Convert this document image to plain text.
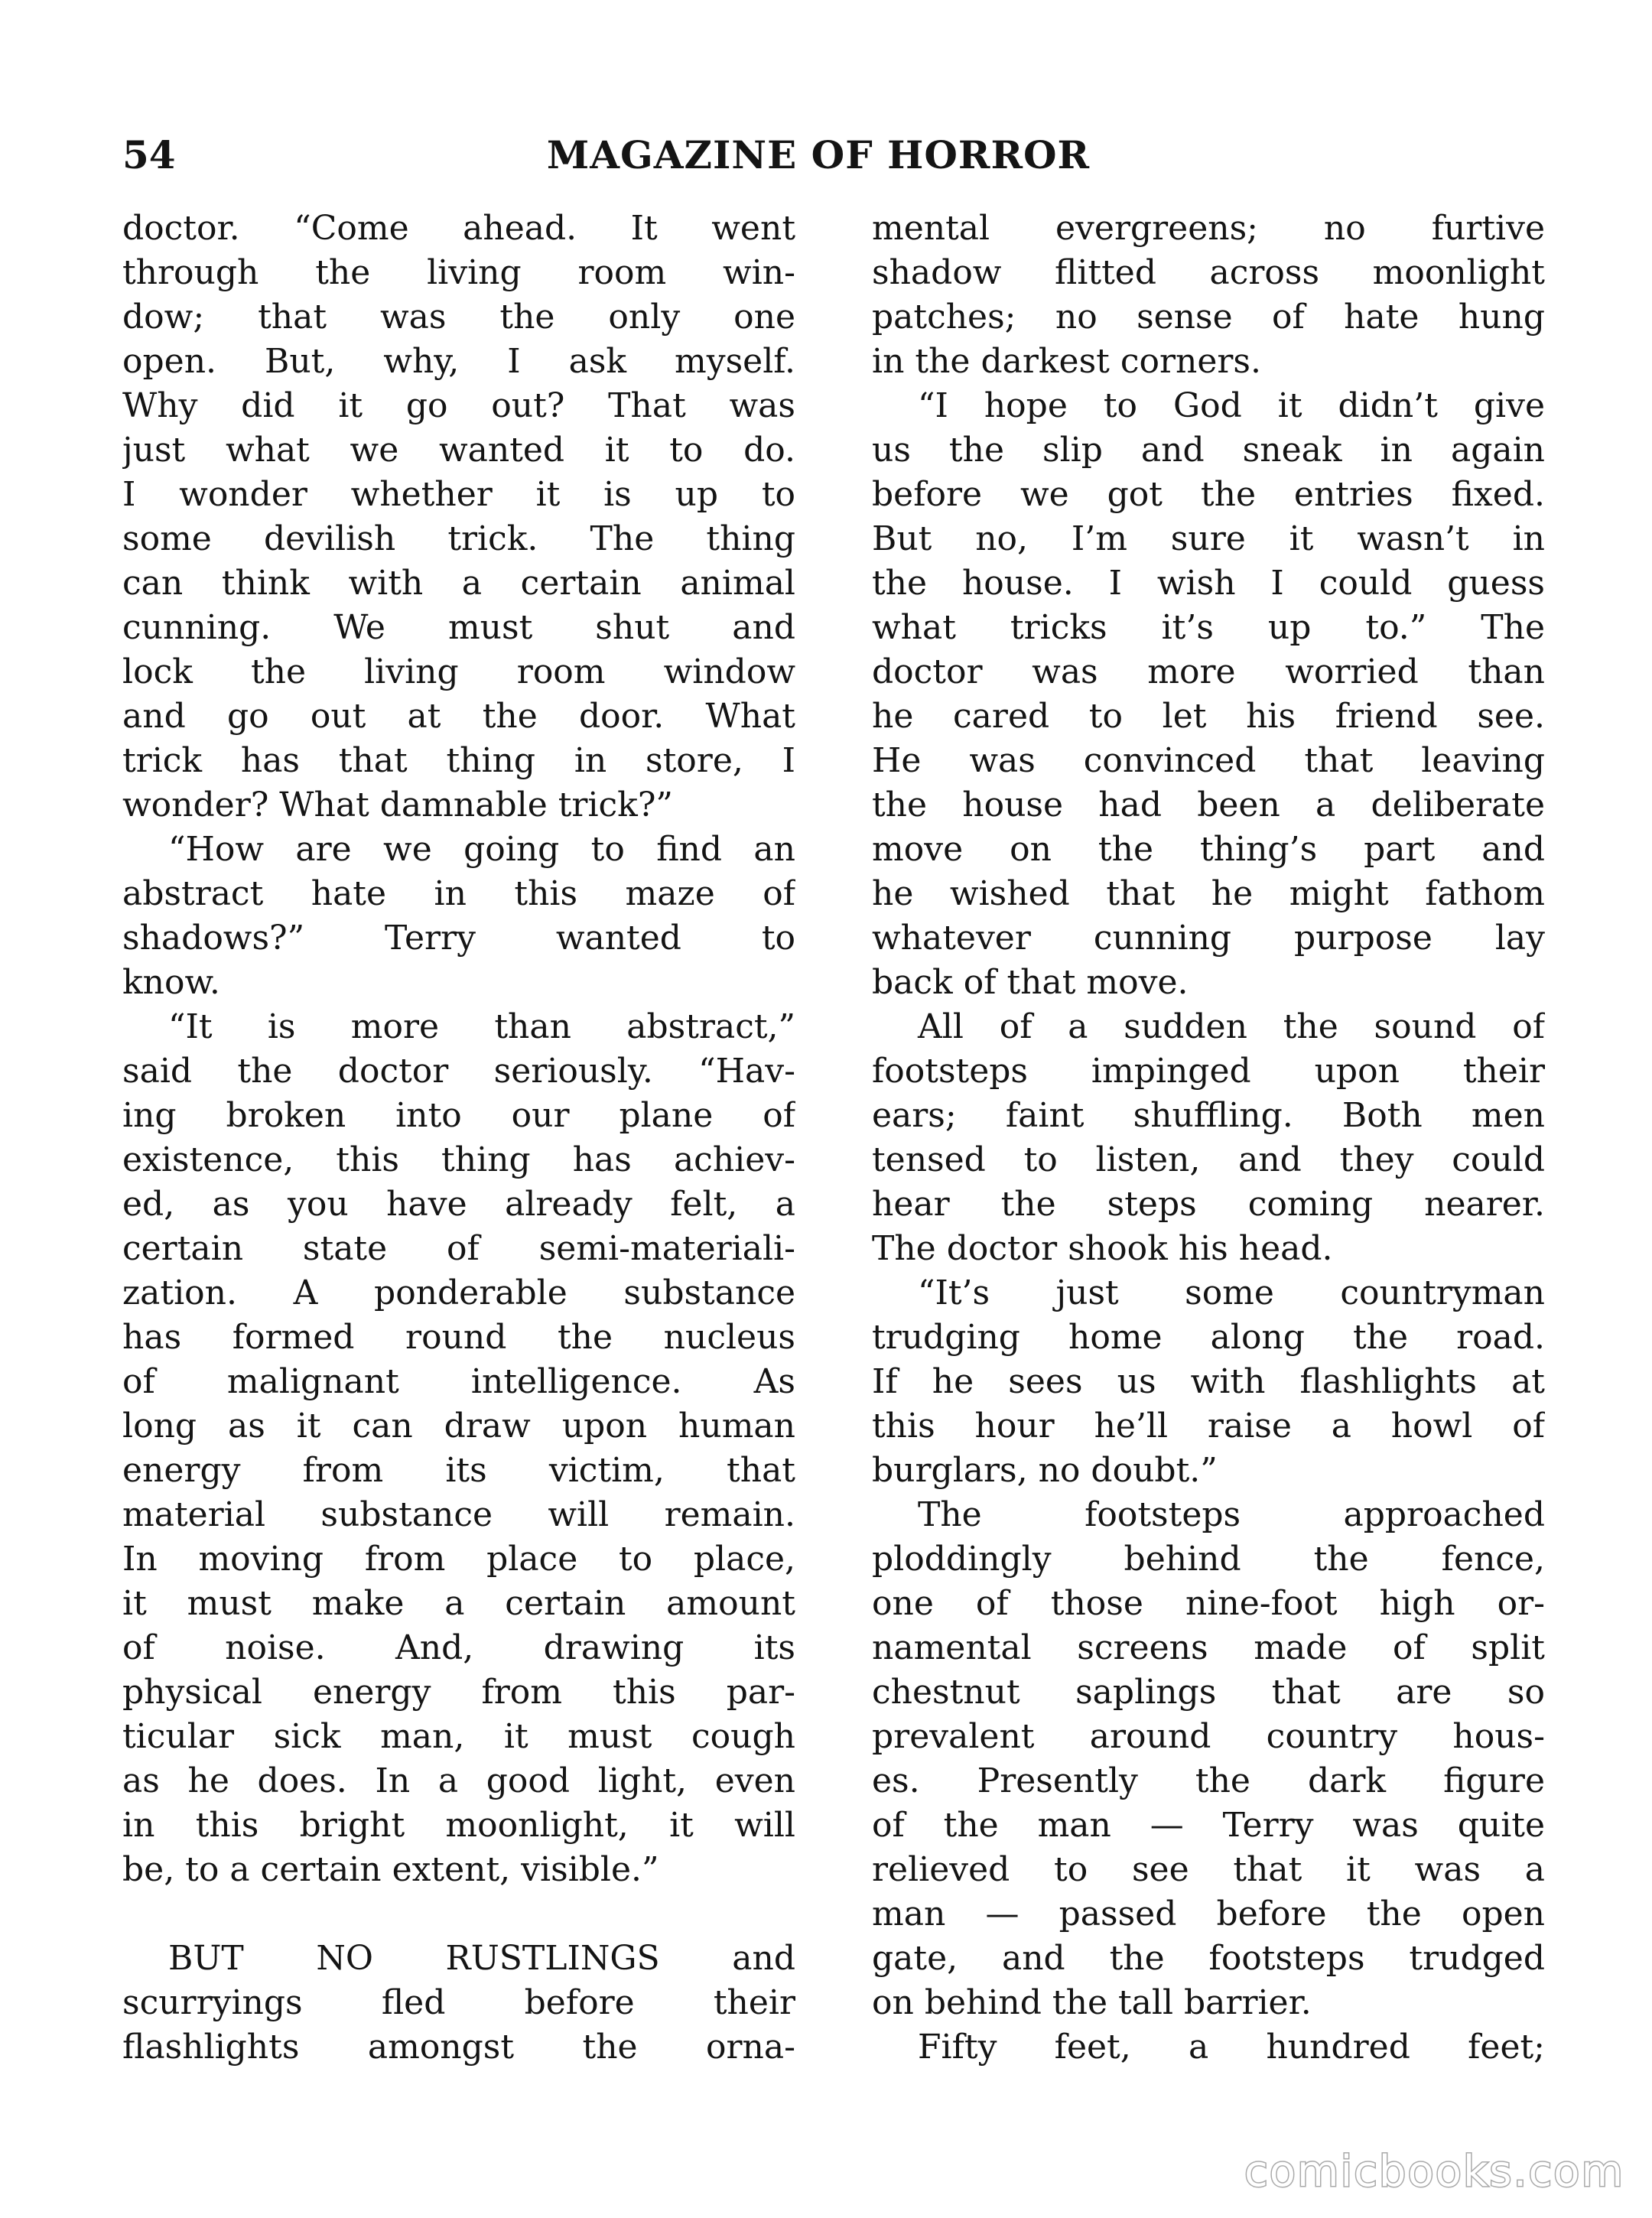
54	MAGAZINE OF HORROR
doctor. “Come ahead. It went
through the living room win-
dow; that was the only one
open. But, why, I ask myself.
Why did it go out? That was
just what we wanted it to do.
I wonder whether it is up to
some devilish trick. The thing
can think with a certain animal
cunning. We must shut and
lock the living room window
and go out at the door. What
trick has that thing in store, I
wonder? What damnable trick?”
“How are we going to find an
abstract hate in this maze of
shadows?” Terry wanted to
know.
“It is more than abstract,”
said the doctor seriously. “Hav-
ing broken into our plane of
existence, this thing has achiev-
ed, as you have already felt, a
certain state of semi-materiali-
zation. A ponderable substance
has formed round the nucleus
of malignant intelligence. As
long as it can draw upon human
energy from its victim, that
material substance will remain.
In moving from place to place,
it must make a certain amount
of noise. And, drawing its
physical energy from this par-
ticular sick man, it must cough
as he does. In a good light, even
in this bright moonlight, it will
be, to a certain extent, visible.”

BUT NO RUSTLINGS and
scurryings fled before their
flashlights amongst the orna-
mental evergreens; no furtive
shadow flitted across moonlight
patches; no sense of hate hung
in the darkest corners.
“I hope to God it didn’t give
us the slip and sneak in again
before we got the entries fixed.
But no, I’m sure it wasn’t in
the house. I wish I could guess
what tricks it’s up to.” The
doctor was more worried than
he cared to let his friend see.
He was convinced that leaving
the house had been a deliberate
move on the thing’s part and
he wished that he might fathom
whatever cunning purpose lay
back of that move.
All of a sudden the sound of
footsteps impinged upon their
ears; faint shuffling. Both men
tensed to listen, and they could
hear the steps coming nearer.
The doctor shook his head.
“It’s just some countryman
trudging home along the road.
If he sees us with flashlights at
this hour he’ll raise a howl of
burglars, no doubt.”
The footsteps approached
ploddingly behind the fence,
one of those nine-foot high or-
namental screens made of split
chestnut saplings that are so
prevalent around country hous-
es. Presently the dark figure
of the man — Terry was quite
relieved to see that it was a
man — passed before the open
gate, and the footsteps trudged
on behind the tall barrier.
Fifty feet, a hundred feet;
comicbooks.com
